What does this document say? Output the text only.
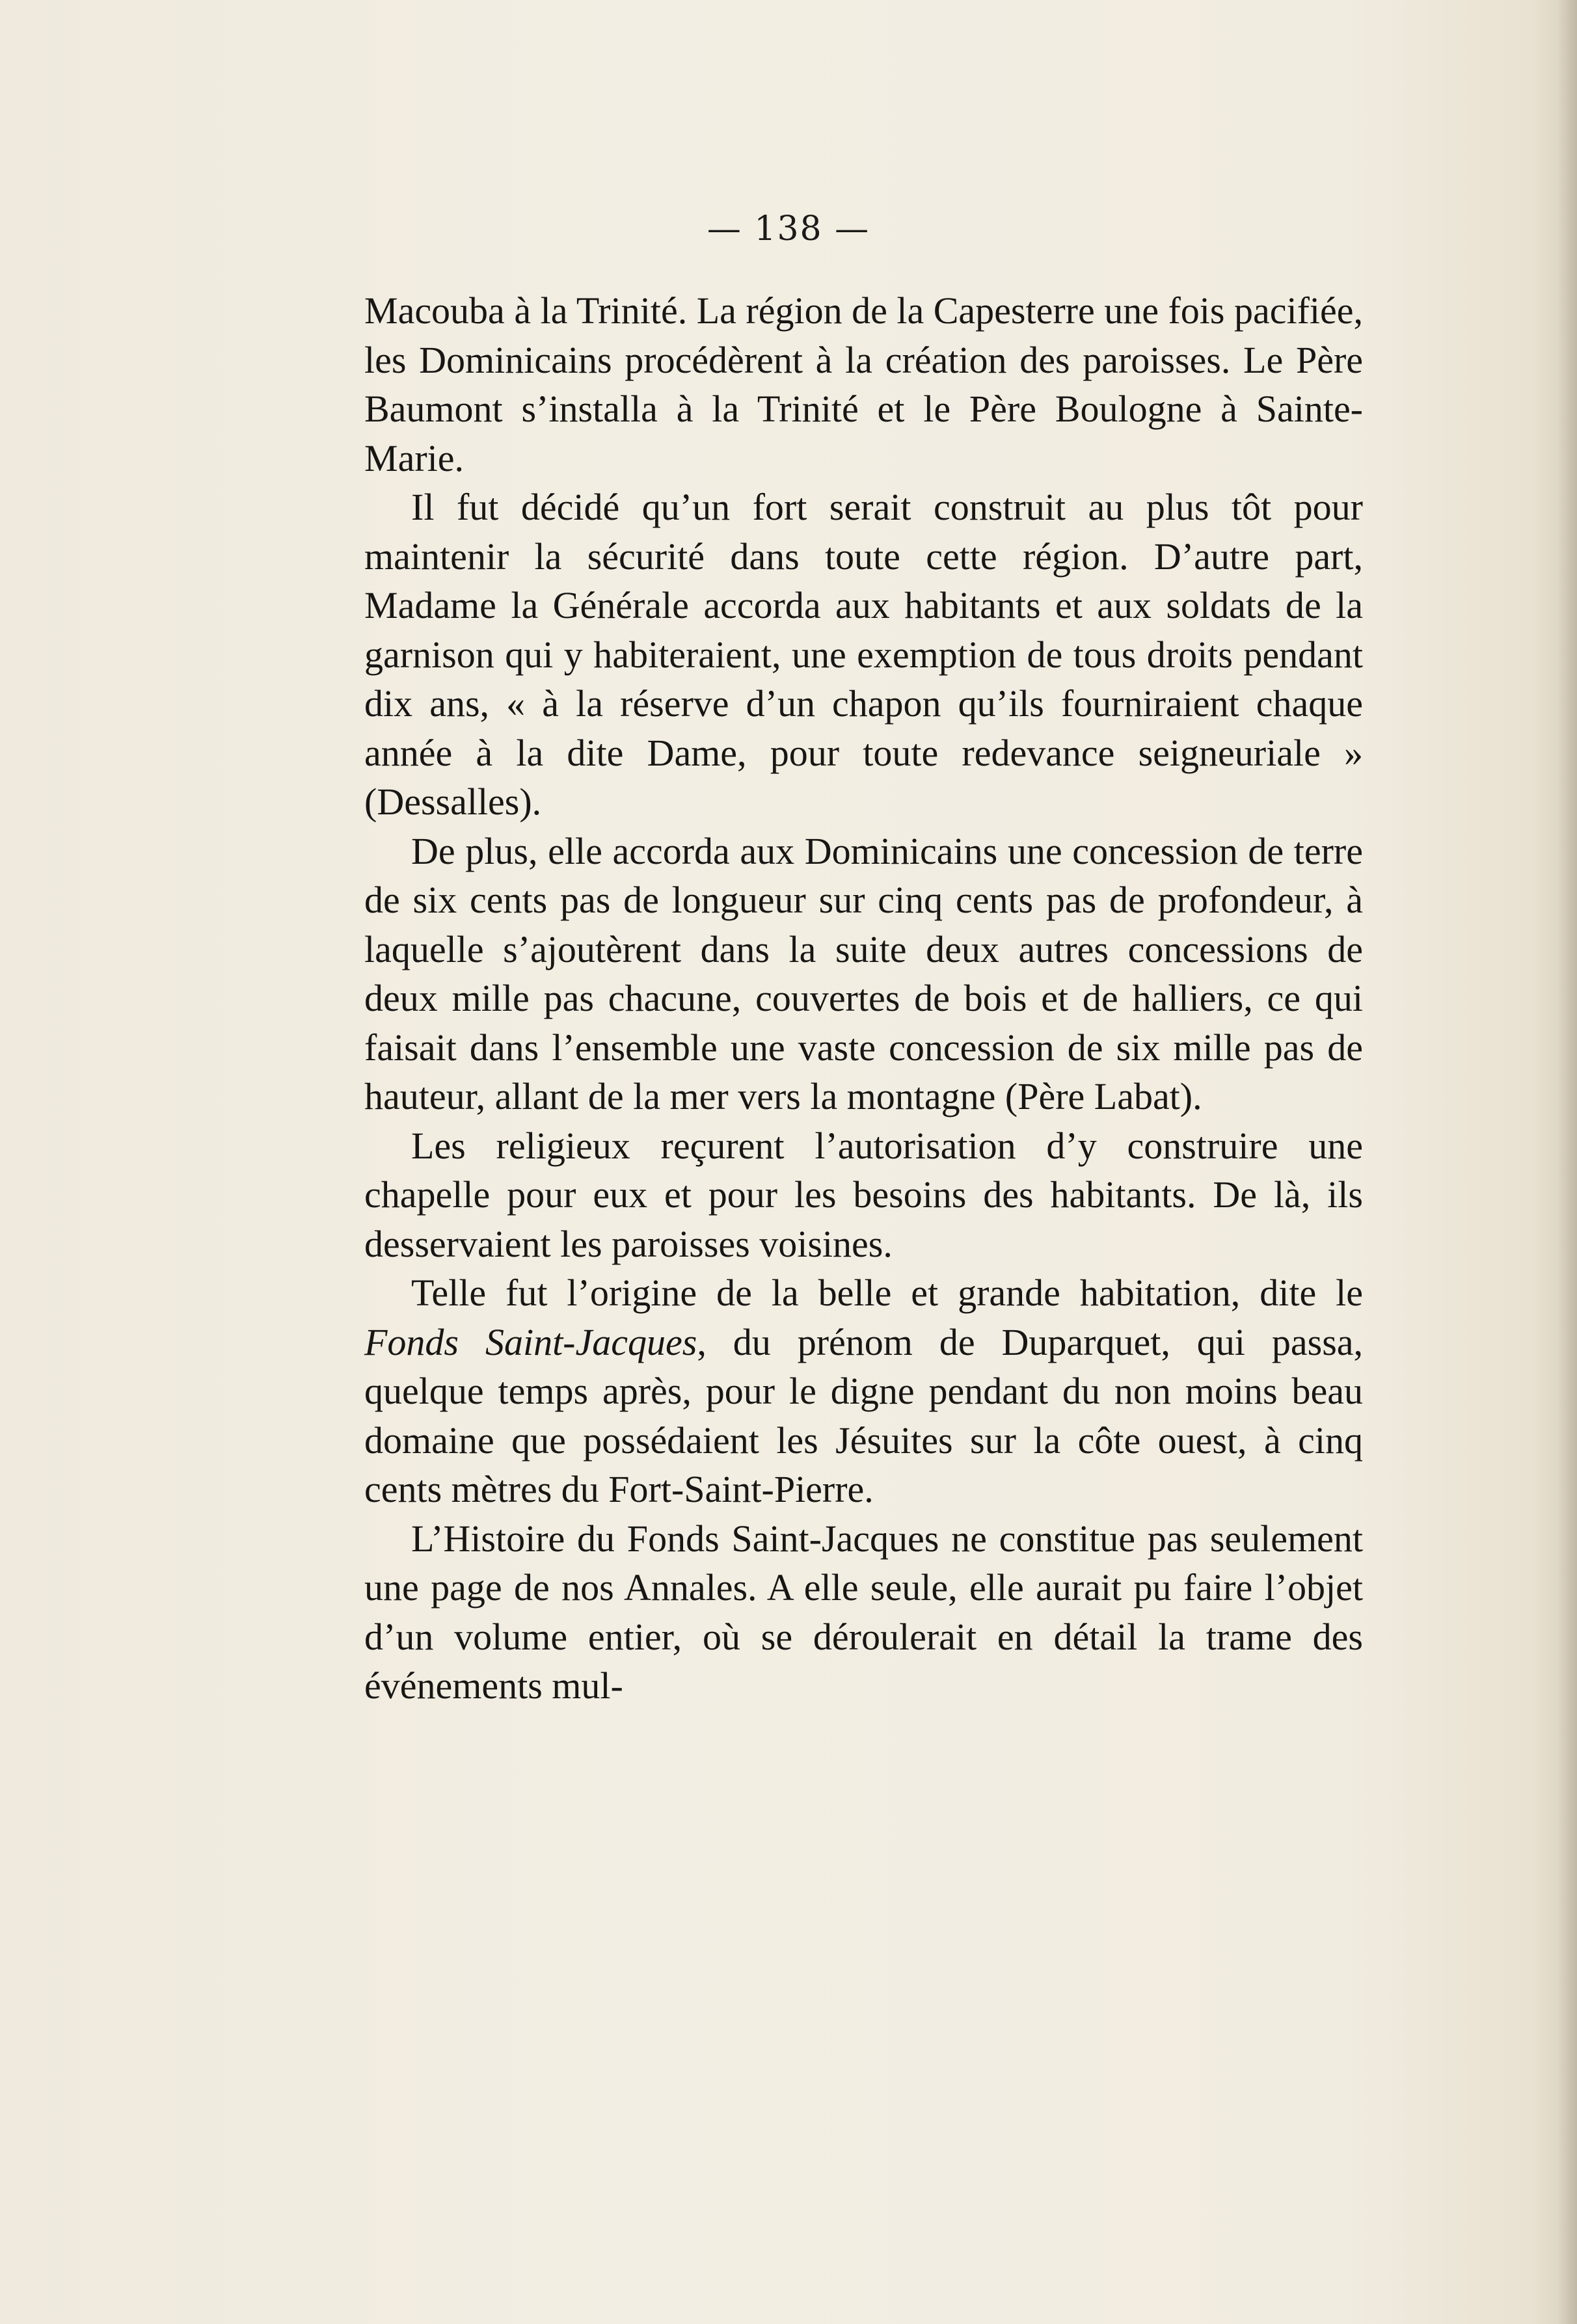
— 138 —

Macouba à la Trinité. La région de la Capesterre une fois pacifiée, les Dominicains procédèrent à la création des paroisses. Le Père Baumont s’installa à la Trinité et le Père Boulogne à Sainte-Marie.

Il fut décidé qu’un fort serait construit au plus tôt pour maintenir la sécurité dans toute cette région. D’autre part, Madame la Générale accorda aux habitants et aux soldats de la garnison qui y habiteraient, une exemption de tous droits pendant dix ans, « à la réserve d’un chapon qu’ils fourniraient chaque année à la dite Dame, pour toute redevance seigneuriale » (Dessalles).

De plus, elle accorda aux Dominicains une concession de terre de six cents pas de longueur sur cinq cents pas de profondeur, à laquelle s’ajoutèrent dans la suite deux autres concessions de deux mille pas chacune, couvertes de bois et de halliers, ce qui faisait dans l’ensemble une vaste concession de six mille pas de hauteur, allant de la mer vers la montagne (Père Labat).

Les religieux reçurent l’autorisation d’y construire une chapelle pour eux et pour les besoins des habitants. De là, ils desservaient les paroisses voisines.

Telle fut l’origine de la belle et grande habitation, dite le Fonds Saint-Jacques, du prénom de Duparquet, qui passa, quelque temps après, pour le digne pendant du non moins beau domaine que possédaient les Jésuites sur la côte ouest, à cinq cents mètres du Fort-Saint-Pierre.

L’Histoire du Fonds Saint-Jacques ne constitue pas seulement une page de nos Annales. A elle seule, elle aurait pu faire l’objet d’un volume entier, où se déroulerait en détail la trame des événements mul-
